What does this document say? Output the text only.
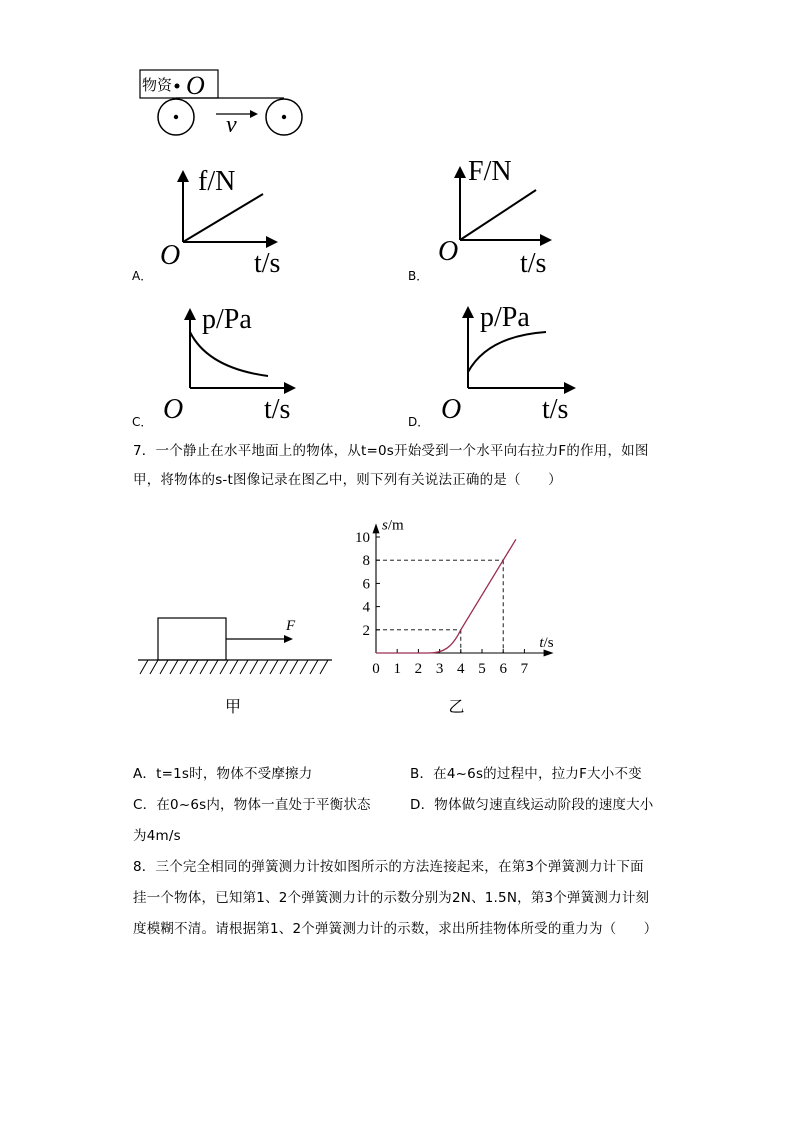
物资 O
v
f/N
O	t/s
A．
F/N
O t/s
B．
p/Pa
O	t/s
C．
p/Pa
O	t/s
D．
7．一个静止在水平地面上的物体，从t=0s开始受到一个水平向右拉力F的作用，如图
甲，将物体的s-t图像记录在图乙中，则下列有关说法正确的是（　　）
F
甲
0 1 2 3 4 5 6 7
2
4
6
8
10
s/m
t/s
乙
A．t=1s时，物体不受摩擦力	B．在4~6s的过程中，拉力F大小不变
C．在0~6s内，物体一直处于平衡状态	D．物体做匀速直线运动阶段的速度大小
为4m/s
8．三个完全相同的弹簧测力计按如图所示的方法连接起来，在第3个弹簧测力计下面
挂一个物体，已知第1、2个弹簧测力计的示数分别为2N、1.5N，第3个弹簧测力计刻
度模糊不清。请根据第1、2个弹簧测力计的示数，求出所挂物体所受的重力为（　　）
